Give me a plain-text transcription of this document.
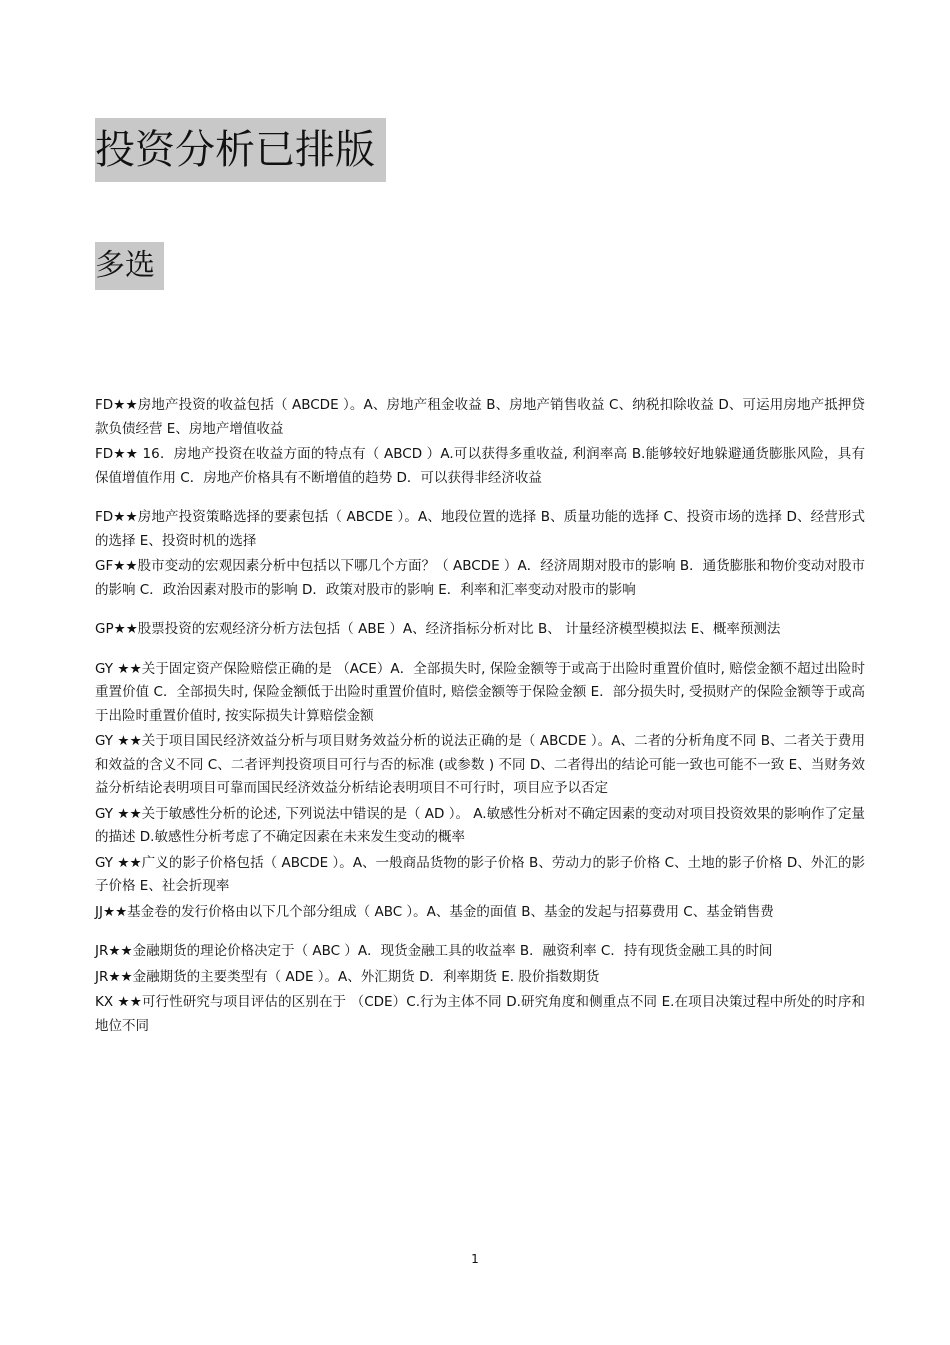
投资分析已排版
多选

FD★★房地产投资的收益包括（ ABCDE ）。A、房地产租金收益 B、房地产销售收益 C、纳税扣除收益 D、可运用房地产抵押贷款负债经营 E、房地产增值收益

FD★★ 16．房地产投资在收益方面的特点有（ ABCD ）A.可以获得多重收益, 利润率高 B.能够较好地躲避通货膨胀风险，具有保值增值作用 C．房地产价格具有不断增值的趋势 D．可以获得非经济收益

FD★★房地产投资策略选择的要素包括（ ABCDE ）。A、地段位置的选择 B、质量功能的选择 C、投资市场的选择 D、经营形式的选择 E、投资时机的选择

GF★★股市变动的宏观因素分析中包括以下哪几个方面？（ ABCDE ）A．经济周期对股市的影响 B．通货膨胀和物价变动对股市的影响 C．政治因素对股市的影响 D．政策对股市的影响 E．利率和汇率变动对股市的影响

GP★★股票投资的宏观经济分析方法包括（ ABE ）A、经济指标分析对比 B、 计量经济模型模拟法 E、概率预测法

GY ★★关于固定资产保险赔偿正确的是 （ACE）A．全部损失时, 保险金额等于或高于出险时重置价值时, 赔偿金额不超过出险时重置价值 C．全部损失时, 保险金额低于出险时重置价值时, 赔偿金额等于保险金额 E．部分损失时, 受损财产的保险金额等于或高于出险时重置价值时, 按实际损失计算赔偿金额

GY ★★关于项目国民经济效益分析与项目财务效益分析的说法正确的是（ ABCDE ）。A、二者的分析角度不同 B、二者关于费用和效益的含义不同 C、二者评判投资项目可行与否的标准 (或参数 ) 不同 D、二者得出的结论可能一致也可能不一致 E、当财务效益分析结论表明项目可靠而国民经济效益分析结论表明项目不可行时，项目应予以否定

GY ★★关于敏感性分析的论述, 下列说法中错误的是（ AD ）。 A.敏感性分析对不确定因素的变动对项目投资效果的影响作了定量的描述 D.敏感性分析考虑了不确定因素在未来发生变动的概率

GY ★★广义的影子价格包括（ ABCDE ）。A、一般商品货物的影子价格 B、劳动力的影子价格 C、土地的影子价格 D、外汇的影子价格 E、社会折现率

JJ★★基金卷的发行价格由以下几个部分组成（ ABC ）。A、基金的面值 B、基金的发起与招募费用 C、基金销售费

JR★★金融期货的理论价格决定于（ ABC ）A．现货金融工具的收益率 B．融资利率 C．持有现货金融工具的时间

JR★★金融期货的主要类型有（ ADE ）。A、外汇期货 D．利率期货 E. 股价指数期货

KX ★★可行性研究与项目评估的区别在于 （CDE）C.行为主体不同 D.研究角度和侧重点不同 E.在项目决策过程中所处的时序和地位不同

1
